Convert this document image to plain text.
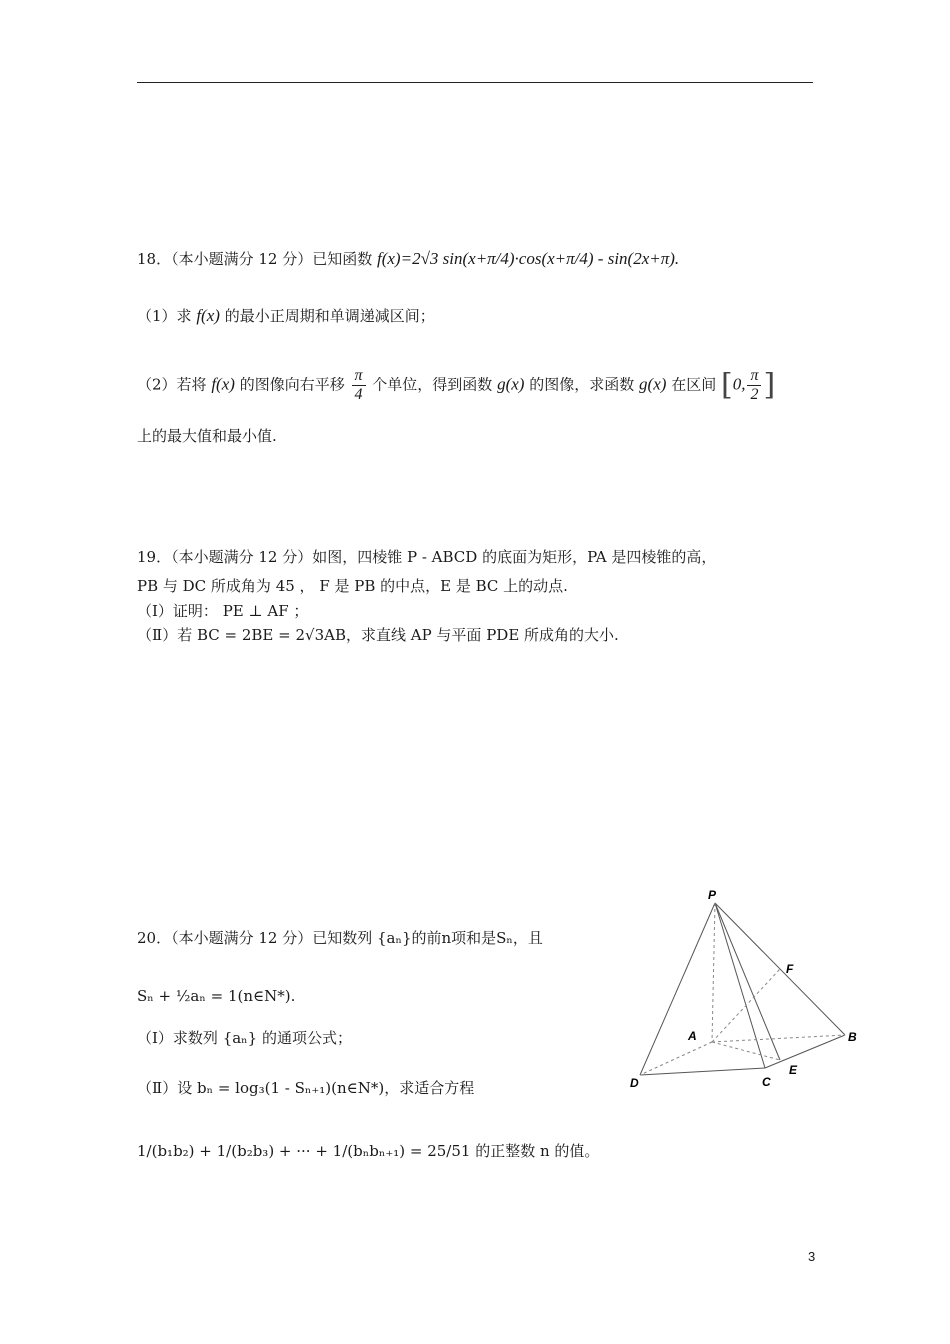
18．（本小题满分 12 分）已知函数 f(x)=2√3 sin(x+π/4)·cos(x+π/4) - sin(2x+π).
（1）求 f(x) 的最小正周期和单调递减区间；
（2）若将 f(x) 的图像向右平移 $\frac{\pi}{4}$ 个单位，得到函数 g(x) 的图像，求函数 g(x) 在区间 [0, $\frac{\pi}{2}$ ]
上的最大值和最小值.
19．（本小题满分 12 分）如图，四棱锥 P - ABCD 的底面为矩形，PA 是四棱锥的高，
PB 与 DC 所成角为 45 ， F 是 PB 的中点，E 是 BC 上的动点.
（Ⅰ）证明： PE ⊥ AF ；
（Ⅱ）若 BC = 2BE = 2√3AB，求直线 AP 与平面 PDE 所成角的大小.
20．（本小题满分 12 分）已知数列 {aₙ}的前n项和是Sₙ，且
Sₙ + ½aₙ = 1(n∈N*).
（Ⅰ）求数列 {aₙ} 的通项公式；
（Ⅱ）设 bₙ = log₃(1 - Sₙ₊₁)(n∈N*)，求适合方程
1/(b₁b₂) + 1/(b₂b₃) + ··· + 1/(bₙbₙ₊₁) = 25/51 的正整数 n 的值。
P
F
A	B
D	C
E
3
